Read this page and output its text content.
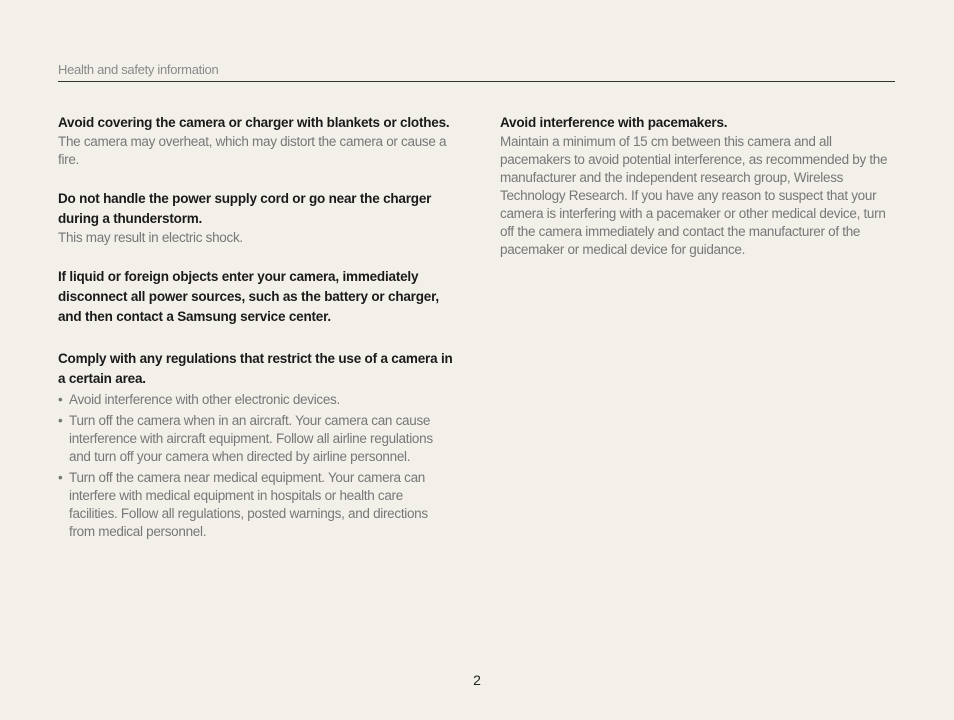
Health and safety information
Avoid covering the camera or charger with blankets or clothes.
The camera may overheat, which may distort the camera or cause a fire.
Do not handle the power supply cord or go near the charger during a thunderstorm.
This may result in electric shock.
If liquid or foreign objects enter your camera, immediately disconnect all power sources, such as the battery or charger, and then contact a Samsung service center.
Comply with any regulations that restrict the use of a camera in a certain area.
• Avoid interference with other electronic devices.
• Turn off the camera when in an aircraft. Your camera can cause interference with aircraft equipment. Follow all airline regulations and turn off your camera when directed by airline personnel.
• Turn off the camera near medical equipment. Your camera can interfere with medical equipment in hospitals or health care facilities. Follow all regulations, posted warnings, and directions from medical personnel.
Avoid interference with pacemakers.
Maintain a minimum of 15 cm between this camera and all pacemakers to avoid potential interference, as recommended by the manufacturer and the independent research group, Wireless Technology Research. If you have any reason to suspect that your camera is interfering with a pacemaker or other medical device, turn off the camera immediately and contact the manufacturer of the pacemaker or medical device for guidance.
2
